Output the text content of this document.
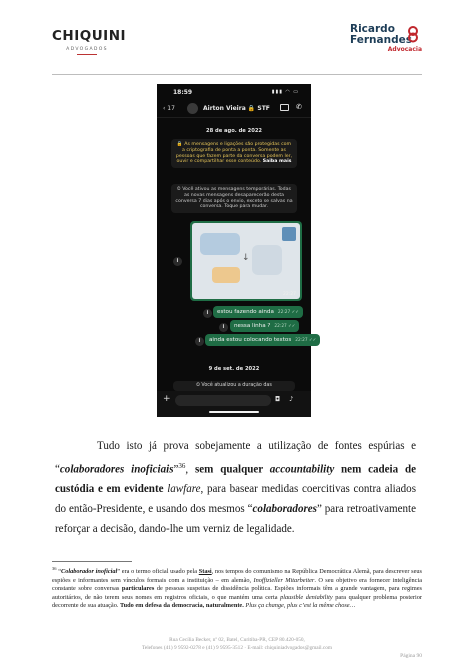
CHIQUINI
ADVOGADOS
Ricardo
Fernandes
Advocacia
18:59	▮▮▮ ◠ ▭
‹ 17	Airton Vieira 🔒 STF	✆
28 de ago. de 2022
🔒 As mensagens e ligações são protegidas com a criptografia de ponta a ponta. Somente as pessoas que fazem parte da conversa podem ler, ouvir e compartilhar esse conteúdo. Saiba mais
⏲ Você ativou as mensagens temporárias. Todas as novas mensagens desaparecerão desta conversa 7 dias após o envio, exceto se salvas na conversa. Toque para mudar.
i	↓
22:27
i	estou fazendo ainda 22:27 ✓✓
i	nessa linha ? 22:27 ✓✓
i	ainda estou colocando textos 22:27 ✓✓
9 de set. de 2022
⏲ Você atualizou a duração das
+	◘ ♪
Tudo isto já prova sobejamente a utilização de fontes espúrias e “colaboradores inoficiais”$^{36}$, sem qualquer accountability nem cadeia de custódia e em evidente lawfare, para basear medidas coercitivas contra aliados do então-Presidente, e usando dos mesmos “colaboradores” para retroativamente reforçar a decisão, dando-lhe um verniz de legalidade.
$^{36}$ “Colaborador inoficial” era o termo oficial usado pela Stasi, nos tempos do comunismo na República Democrática Alemã, para descrever seus espiões e informantes sem vínculos formais com a instituição – em alemão, Inoffizieller Mitarbeiter. O seu objetivo era fornecer inteligência constante sobre conversas particulares de pessoas suspeitas de dissidência política. Espiões informais têm a grande vantagem, para regimes autoritários, de não terem seus nomes em registros oficiais, o que mantém uma certa plausible deniability para qualquer problema posterior decorrente de sua atuação. Tudo em defesa da democracia, naturalmente. Plus ça change, plus c’est la même chose…
Rua Cecília Becker, nº 02, Batel, Curitiba-PR, CEP 80.420-050,
Telefones (41) 9 9592-0278 e (41) 9 9595-3512 · E-mail: chiquiniadvogados@gmail.com
Página 90
